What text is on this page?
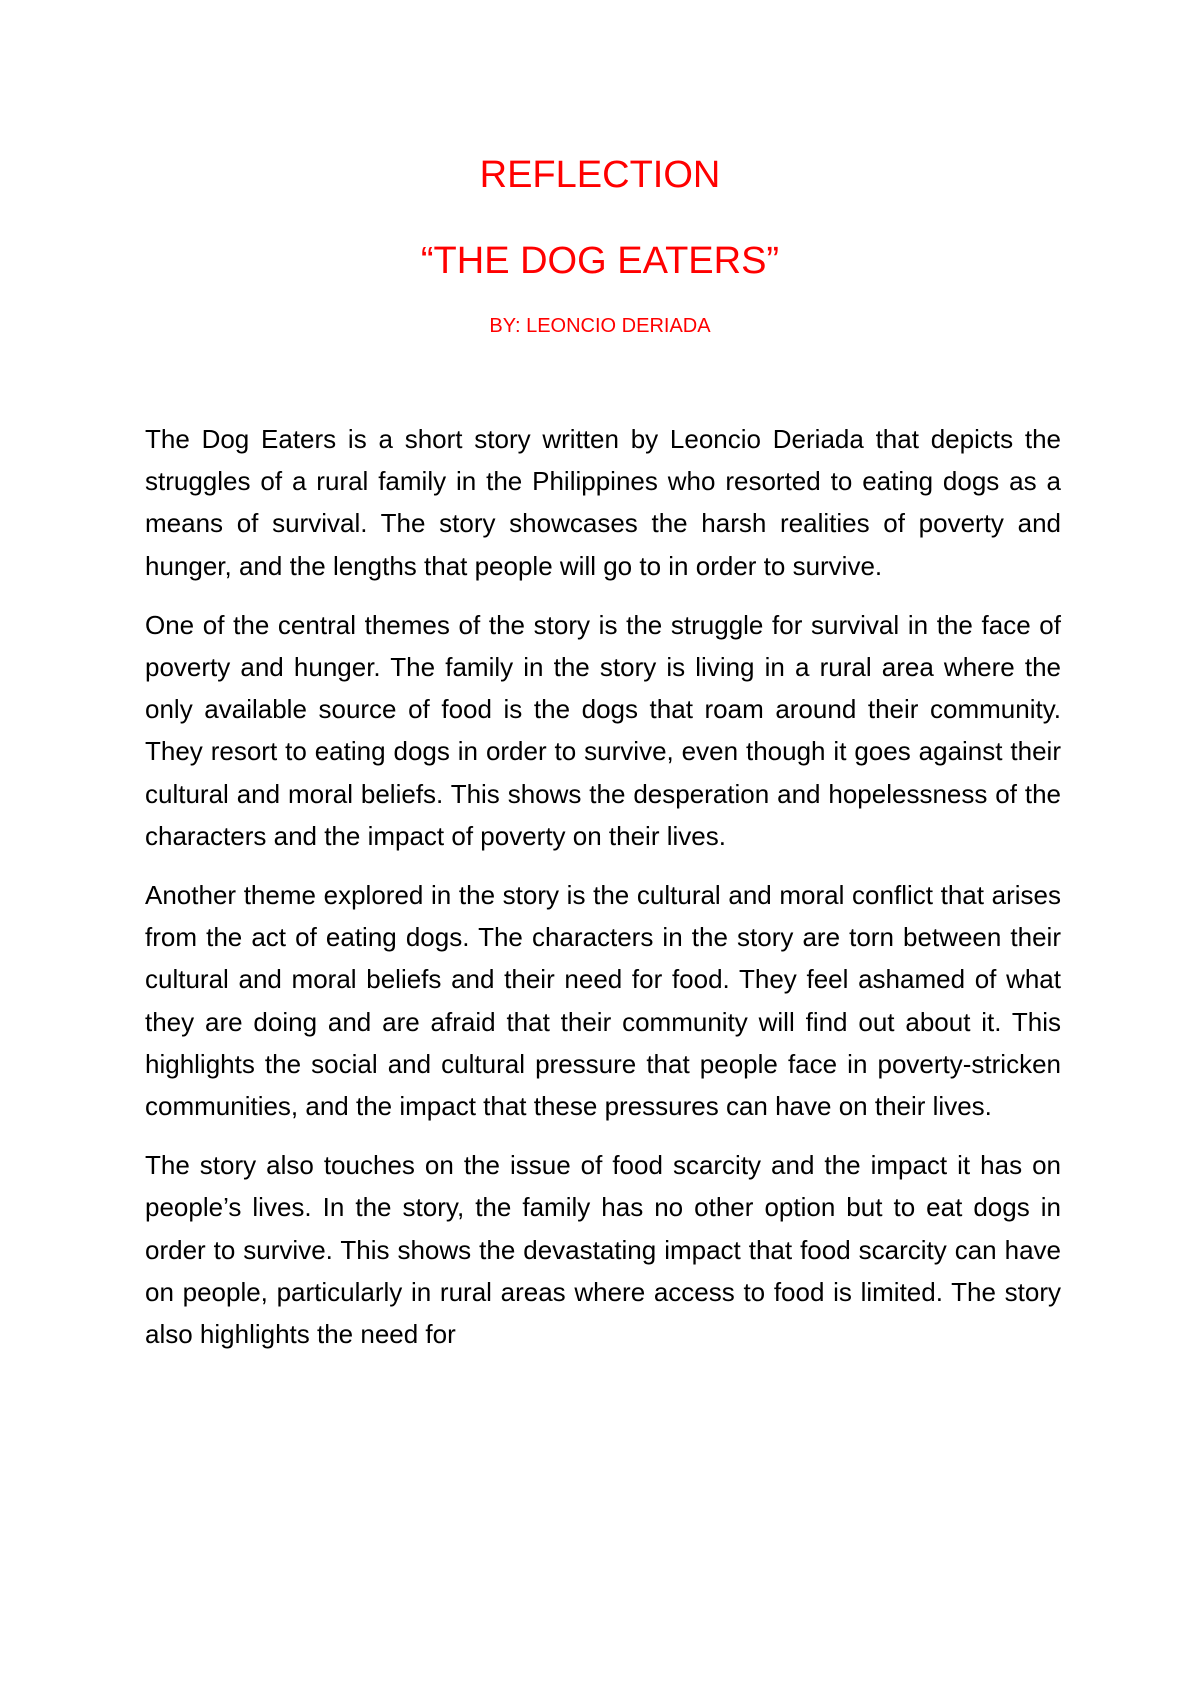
REFLECTION
“THE DOG EATERS”
BY: LEONCIO DERIADA

The Dog Eaters is a short story written by Leoncio Deriada that depicts the struggles of a rural family in the Philippines who resorted to eating dogs as a means of survival. The story showcases the harsh realities of poverty and hunger, and the lengths that people will go to in order to survive.

One of the central themes of the story is the struggle for survival in the face of poverty and hunger. The family in the story is living in a rural area where the only available source of food is the dogs that roam around their community. They resort to eating dogs in order to survive, even though it goes against their cultural and moral beliefs. This shows the desperation and hopelessness of the characters and the impact of poverty on their lives.

Another theme explored in the story is the cultural and moral conflict that arises from the act of eating dogs. The characters in the story are torn between their cultural and moral beliefs and their need for food. They feel ashamed of what they are doing and are afraid that their community will find out about it. This highlights the social and cultural pressure that people face in poverty-stricken communities, and the impact that these pressures can have on their lives.

The story also touches on the issue of food scarcity and the impact it has on people’s lives. In the story, the family has no other option but to eat dogs in order to survive. This shows the devastating impact that food scarcity can have on people, particularly in rural areas where access to food is limited. The story also highlights the need for
